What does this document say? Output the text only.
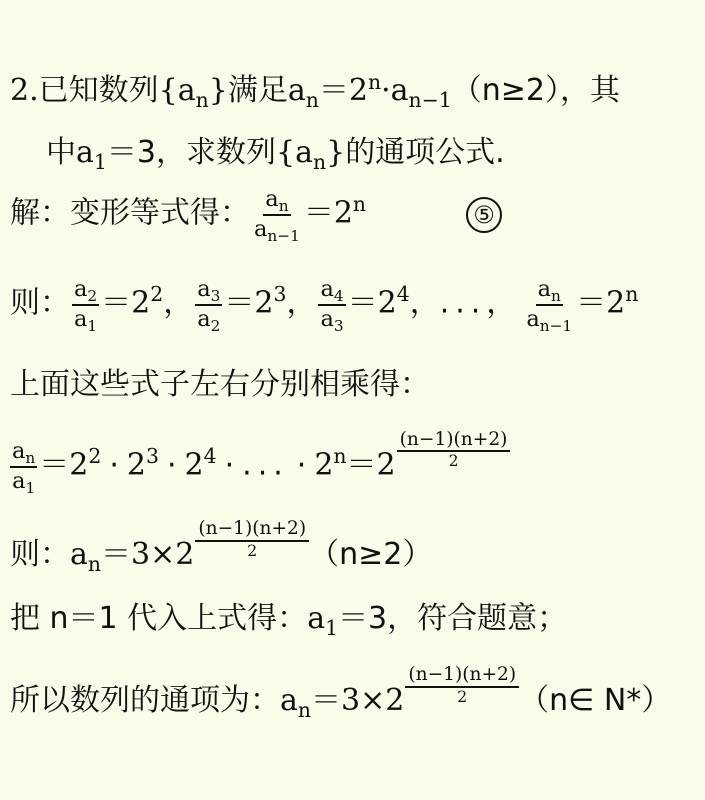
2.已知数列$\{a_n\}$满足$a_n=2^n\cdot a_{n-1}(n\ge 2)$，其
中$a_1=3$，求数列$\{a_n\}$的通项公式.
解：变形等式得： $\frac{a_n}{a_{n-1}} =2^n$	⑤
则： $\frac{a_2}{a_1} =2^2$， $\frac{a_3}{a_2} =2^3$， $\frac{a_4}{a_3} =2^4$，...， $\frac{a_n}{a_{n-1}} =2^n$
上面这些式子左右分别相乘得：
$\frac{a_n}{a_1} =2^2 \cdot 2^3 \cdot 2^4$ · ... · $2^n=2$
(n−1)(n+2)
2
则：$a_n=3\times 2$
(n−1)(n+2)
2 （n≥2）
把 n＝1 代入上式得：$a_1=3$，符合题意；
所以数列的通项为：$a_n=3\times 2$
(n−1)(n+2)
2 （n∈ N*）
